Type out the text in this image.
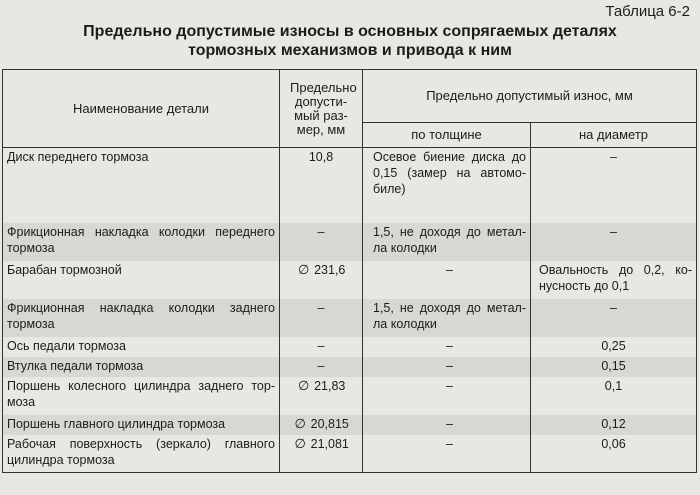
Таблица 6-2
Предельно допустимые износы в основных сопрягаемых деталях
тормозных механизмов и привода к ним
Наименование детали	Предельно допусти- мый раз- мер, мм	Предельно допустимый износ, мм	
		по толщине	на диаметр
Диск переднего тормоза	10,8	Осевое биение диска до 0,15 (замер на автомо- биле)	–
Фрикционная накладка колодки переднего тормоза	–	1,5, не доходя до метал- ла колодки	–
Барабан тормозной	∅ 231,6	–	Овальность до 0,2, ко- нусность до 0,1
Фрикционная накладка колодки заднего тормоза	–	1,5, не доходя до метал- ла колодки	–
Ось педали тормоза	–	–	0,25
Втулка педали тормоза	–	–	0,15
Поршень колесного цилиндра заднего тор- моза	∅ 21,83	–	0,1
Поршень главного цилиндра тормоза	∅ 20,815	–	0,12
Рабочая поверхность (зеркало) главного цилиндра тормоза	∅ 21,081	–	0,06
